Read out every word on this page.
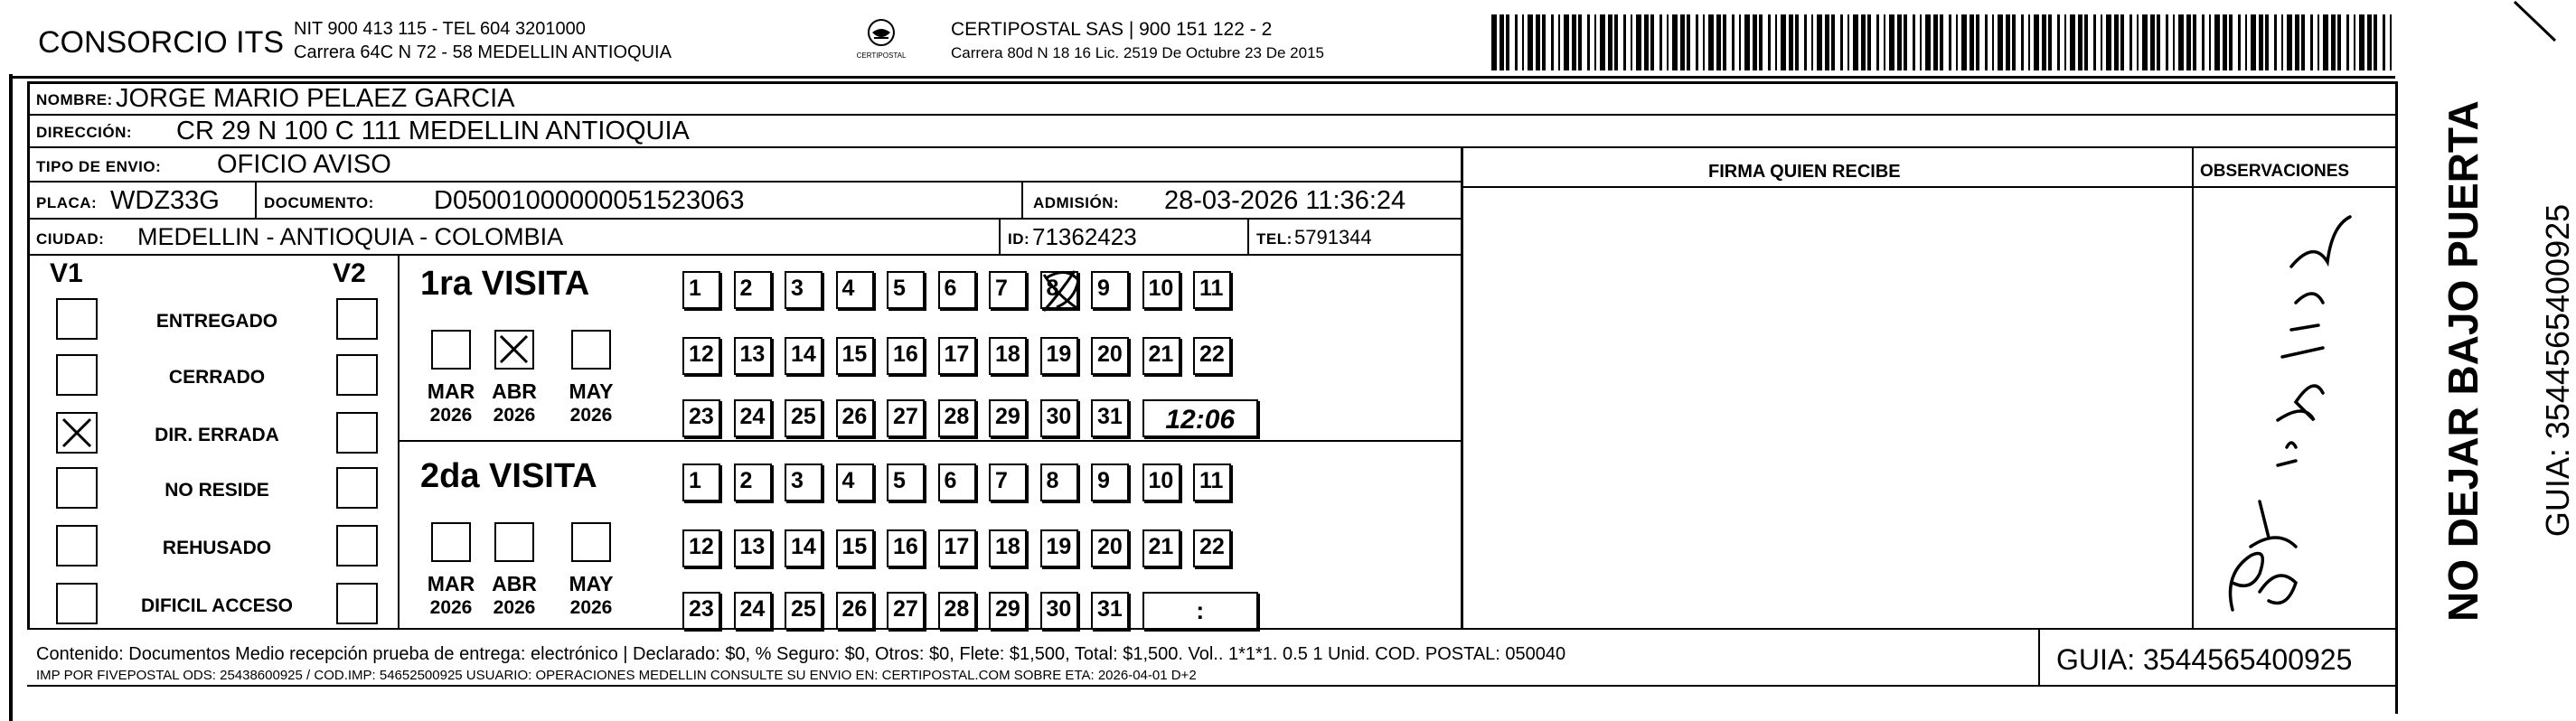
CONSORCIO ITS NIT 900 413 115 - TEL 604 3201000
Carrera 64C N 72 - 58 MEDELLIN ANTIOQUIA	CERTIPOSTAL
CERTIPOSTAL SAS | 900 151 122 - 2
Carrera 80d N 18 16 Lic. 2519 De Octubre 23 De 2015
NOMBRE: JORGE MARIO PELAEZ GARCIA
DIRECCIÓN: CR 29 N 100 C 111 MEDELLIN ANTIOQUIA
TIPO DE ENVIO: OFICIO AVISO
PLACA: WDZ33G	DOCUMENTO: D05001000000051523063	ADMISIÓN: 28-03-2026 11:36:24
CIUDAD: MEDELLIN - ANTIOQUIA - COLOMBIA	ID: 71362423	TEL: 5791344
FIRMA QUIEN RECIBE	OBSERVACIONES
V1	V2
ENTREGADO
CERRADO
DIR. ERRADA
NO RESIDE
REHUSADO
DIFICIL ACCESO
1ra VISITA
2da VISITA
MAR
2026
ABR
2026
MAY
2026
MAR
2026
ABR
2026
MAY
2026
1	2	3	4	5	6	7	8	9	10 11
12 13 14 15 16 17 18 19 20 21 22
23 24 25 26 27 28 29 30 31	12:06
1	2	3	4	5	6	7	8	9	10 11
12 13 14 15 16 17 18 19 20 21 22
23 24 25 26 27 28 29 30 31	:
Contenido: Documentos Medio recepción prueba de entrega: electrónico | Declarado: $0, % Seguro: $0, Otros: $0, Flete: $1,500, Total: $1,500. Vol.. 1*1*1. 0.5 1 Unid. COD. POSTAL: 050040
IMP POR FIVEPOSTAL ODS: 25438600925 / COD.IMP: 54652500925 USUARIO: OPERACIONES MEDELLIN CONSULTE SU ENVIO EN: CERTIPOSTAL.COM SOBRE ETA: 2026-04-01 D+2	GUIA: 3544565400925
NO DEJAR BAJO PUERTA GUIA: 3544565400925
